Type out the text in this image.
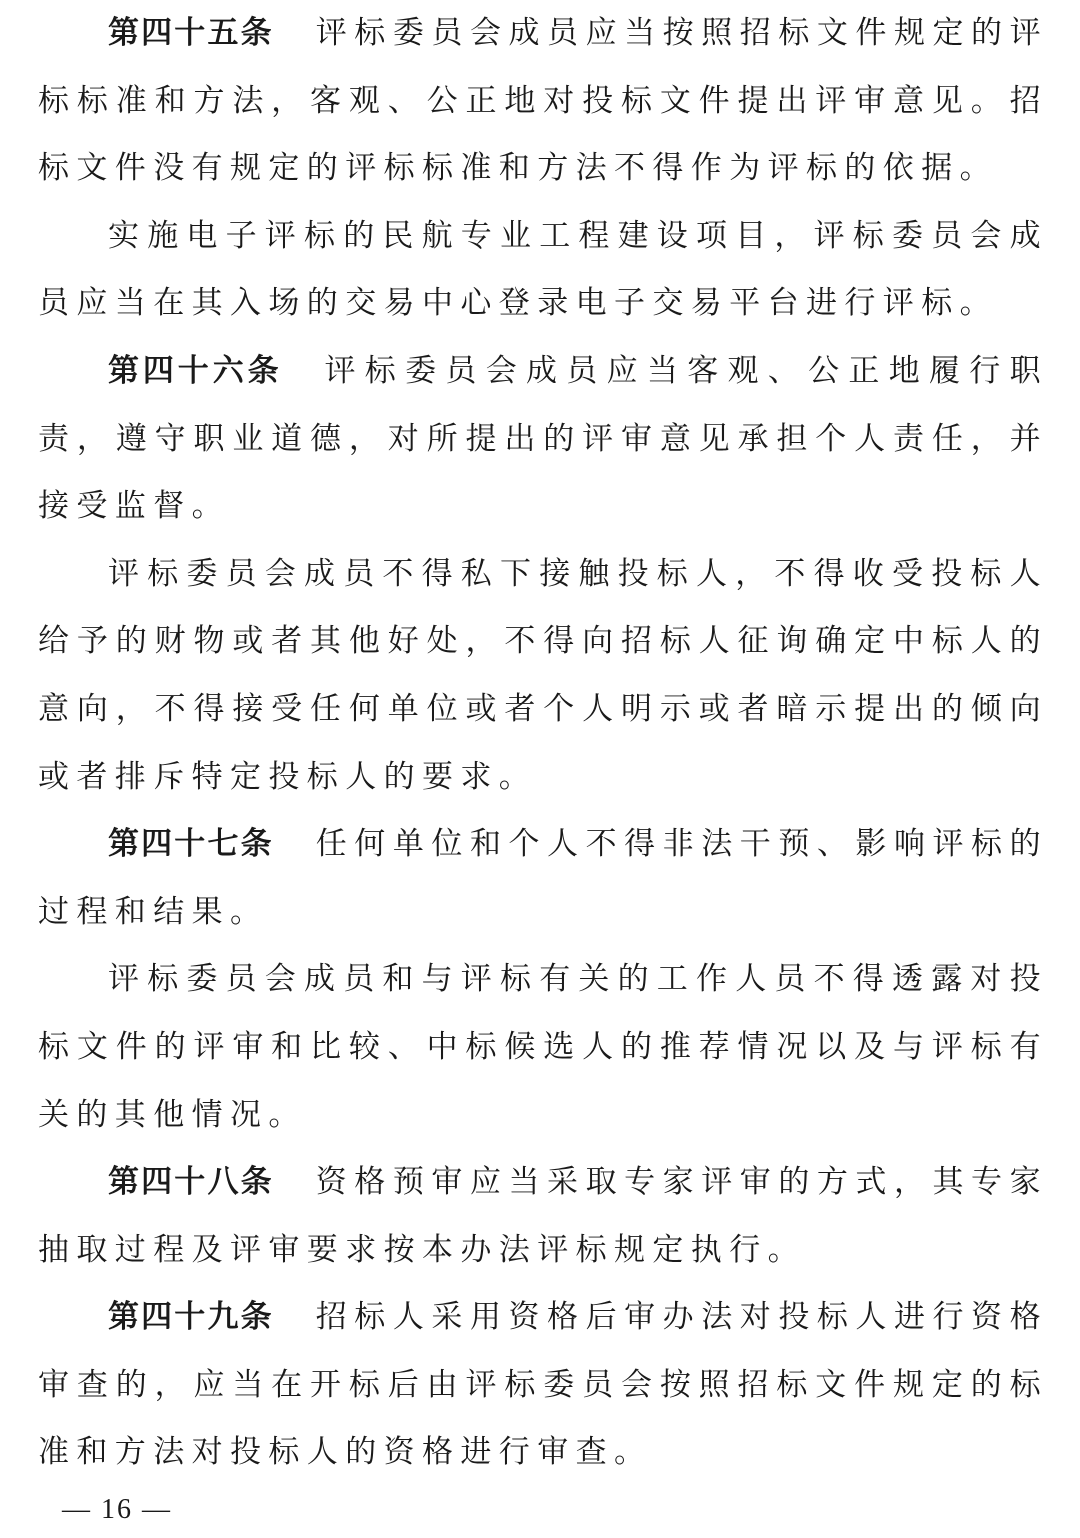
第四十五条 评标委员会成员应当按照招标文件规定的评标标准和方法，客观、公正地对投标文件提出评审意见。招标文件没有规定的评标标准和方法不得作为评标的依据。

实施电子评标的民航专业工程建设项目，评标委员会成员应当在其入场的交易中心登录电子交易平台进行评标。

第四十六条 评标委员会成员应当客观、公正地履行职责，遵守职业道德，对所提出的评审意见承担个人责任，并接受监督。

评标委员会成员不得私下接触投标人，不得收受投标人给予的财物或者其他好处，不得向招标人征询确定中标人的意向，不得接受任何单位或者个人明示或者暗示提出的倾向或者排斥特定投标人的要求。

第四十七条 任何单位和个人不得非法干预、影响评标的过程和结果。

评标委员会成员和与评标有关的工作人员不得透露对投标文件的评审和比较、中标候选人的推荐情况以及与评标有关的其他情况。

第四十八条 资格预审应当采取专家评审的方式，其专家抽取过程及评审要求按本办法评标规定执行。

第四十九条 招标人采用资格后审办法对投标人进行资格审查的，应当在开标后由评标委员会按照招标文件规定的标准和方法对投标人的资格进行审查。

— 16 —
